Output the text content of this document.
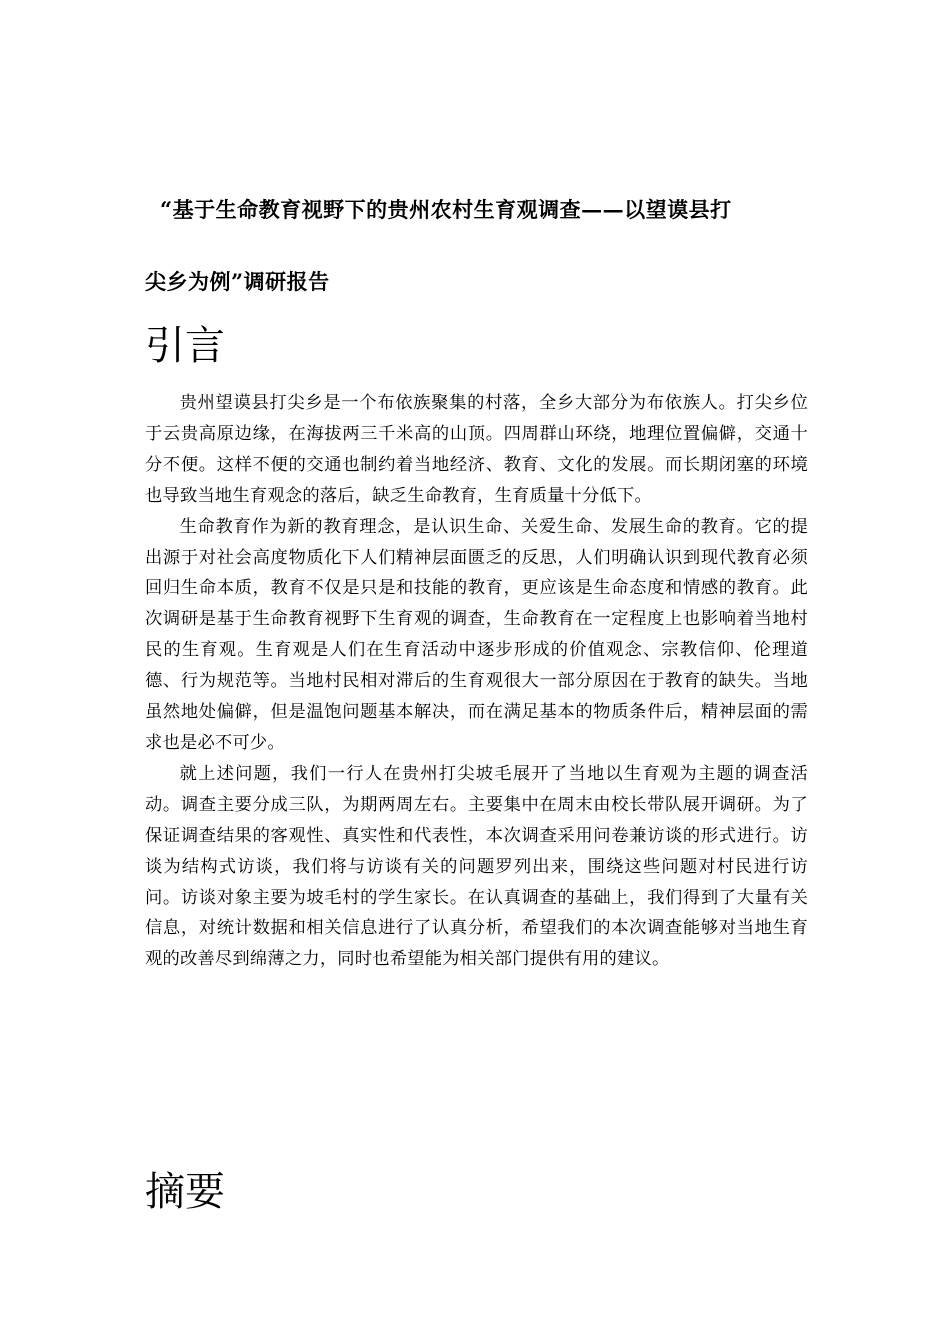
“基于生命教育视野下的贵州农村生育观调查——以望谟县打
尖乡为例”调研报告
引言

贵州望谟县打尖乡是一个布依族聚集的村落，全乡大部分为布依族人。打尖乡位于云贵高原边缘，在海拔两三千米高的山顶。四周群山环绕，地理位置偏僻，交通十分不便。这样不便的交通也制约着当地经济、教育、文化的发展。而长期闭塞的环境也导致当地生育观念的落后，缺乏生命教育，生育质量十分低下。

生命教育作为新的教育理念，是认识生命、关爱生命、发展生命的教育。它的提出源于对社会高度物质化下人们精神层面匮乏的反思，人们明确认识到现代教育必须回归生命本质，教育不仅是只是和技能的教育，更应该是生命态度和情感的教育。此次调研是基于生命教育视野下生育观的调查，生命教育在一定程度上也影响着当地村民的生育观。生育观是人们在生育活动中逐步形成的价值观念、宗教信仰、伦理道德、行为规范等。当地村民相对滞后的生育观很大一部分原因在于教育的缺失。当地虽然地处偏僻，但是温饱问题基本解决，而在满足基本的物质条件后，精神层面的需求也是必不可少。

就上述问题，我们一行人在贵州打尖坡毛展开了当地以生育观为主题的调查活动。调查主要分成三队，为期两周左右。主要集中在周末由校长带队展开调研。为了保证调查结果的客观性、真实性和代表性，本次调查采用问卷兼访谈的形式进行。访谈为结构式访谈，我们将与访谈有关的问题罗列出来，围绕这些问题对村民进行访问。访谈对象主要为坡毛村的学生家长。在认真调查的基础上，我们得到了大量有关信息，对统计数据和相关信息进行了认真分析，希望我们的本次调查能够对当地生育观的改善尽到绵薄之力，同时也希望能为相关部门提供有用的建议。

摘要
